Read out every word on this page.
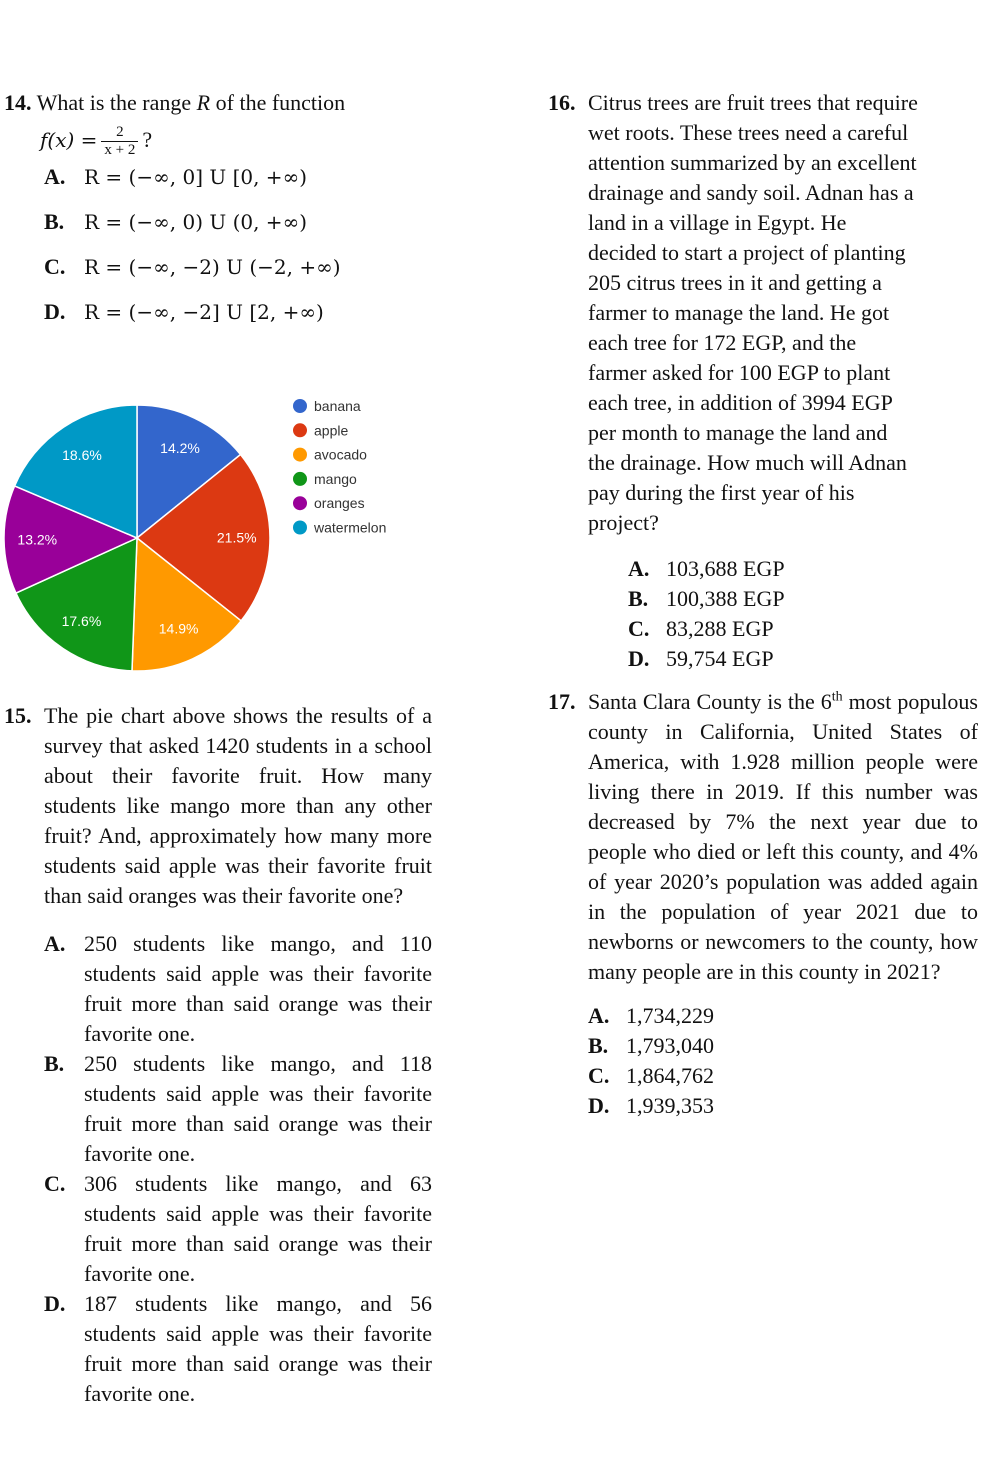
14. What is the range R of the function
$f(x) = \frac{2}{x + 2}$ ?
A. R = (−∞, 0] U [0, +∞)
B. R = (−∞, 0) U (0, +∞)
C. R = (−∞, −2) U (−2, +∞)
D. R = (−∞, −2] U [2, +∞)
14.2%
21.5%
14.9%
17.6%
13.2%
18.6%
banana
apple
avocado
mango
oranges
watermelon
15. The pie chart above shows the results of a survey that asked 1420 students in a school about their favorite fruit. How many students like mango more than any other fruit? And, approximately how many more students said apple was their favorite fruit than said oranges was their favorite one?
A. 250 students like mango, and 110 students said apple was their favorite fruit more than said orange was their favorite one.
B. 250 students like mango, and 118 students said apple was their favorite fruit more than said orange was their favorite one.
C. 306 students like mango, and 63 students said apple was their favorite fruit more than said orange was their favorite one.
D. 187 students like mango, and 56 students said apple was their favorite fruit more than said orange was their favorite one.
16. Citrus trees are fruit trees that require
wet roots. These trees need a careful
attention summarized by an excellent
drainage and sandy soil. Adnan has a
land in a village in Egypt. He
decided to start a project of planting
205 citrus trees in it and getting a
farmer to manage the land. He got
each tree for 172 EGP, and the
farmer asked for 100 EGP to plant
each tree, in addition of 3994 EGP
per month to manage the land and
the drainage. How much will Adnan
pay during the first year of his
project?
A. 103,688 EGP
B. 100,388 EGP
C. 83,288 EGP
D. 59,754 EGP
17. Santa Clara County is the 6th most populous county in California, United States of America, with 1.928 million people were living there in 2019. If this number was decreased by 7% the next year due to people who died or left this county, and 4% of year 2020’s population was added again in the population of year 2021 due to newborns or newcomers to the county, how many people are in this county in 2021?
A. 1,734,229
B. 1,793,040
C. 1,864,762
D. 1,939,353
